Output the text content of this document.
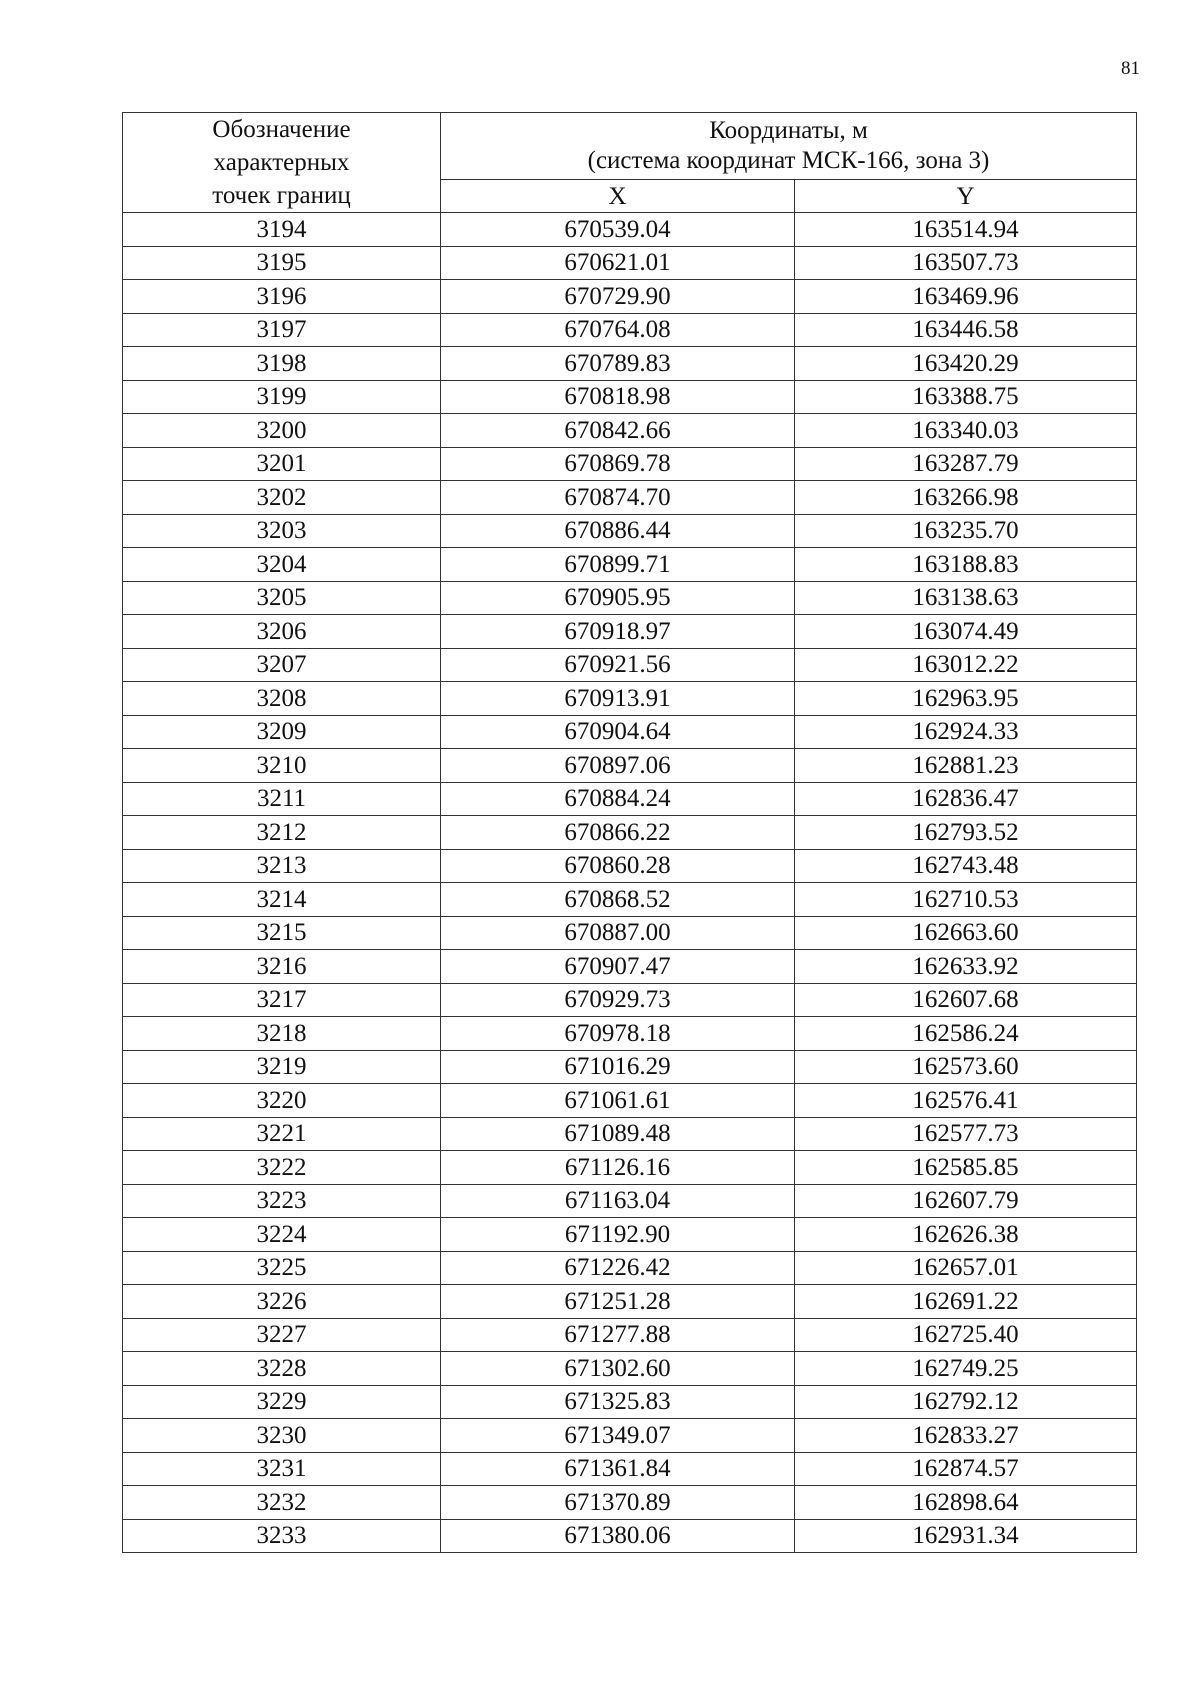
81
Обозначение
характерных
точек границ	Координаты, м
(система координат МСК-166, зона 3)	

	X	Y
3194	670539.04	163514.94
3195	670621.01	163507.73
3196	670729.90	163469.96
3197	670764.08	163446.58
3198	670789.83	163420.29
3199	670818.98	163388.75
3200	670842.66	163340.03
3201	670869.78	163287.79
3202	670874.70	163266.98
3203	670886.44	163235.70
3204	670899.71	163188.83
3205	670905.95	163138.63
3206	670918.97	163074.49
3207	670921.56	163012.22
3208	670913.91	162963.95
3209	670904.64	162924.33
3210	670897.06	162881.23
3211	670884.24	162836.47
3212	670866.22	162793.52
3213	670860.28	162743.48
3214	670868.52	162710.53
3215	670887.00	162663.60
3216	670907.47	162633.92
3217	670929.73	162607.68
3218	670978.18	162586.24
3219	671016.29	162573.60
3220	671061.61	162576.41
3221	671089.48	162577.73
3222	671126.16	162585.85
3223	671163.04	162607.79
3224	671192.90	162626.38
3225	671226.42	162657.01
3226	671251.28	162691.22
3227	671277.88	162725.40
3228	671302.60	162749.25
3229	671325.83	162792.12
3230	671349.07	162833.27
3231	671361.84	162874.57
3232	671370.89	162898.64
3233	671380.06	162931.34
